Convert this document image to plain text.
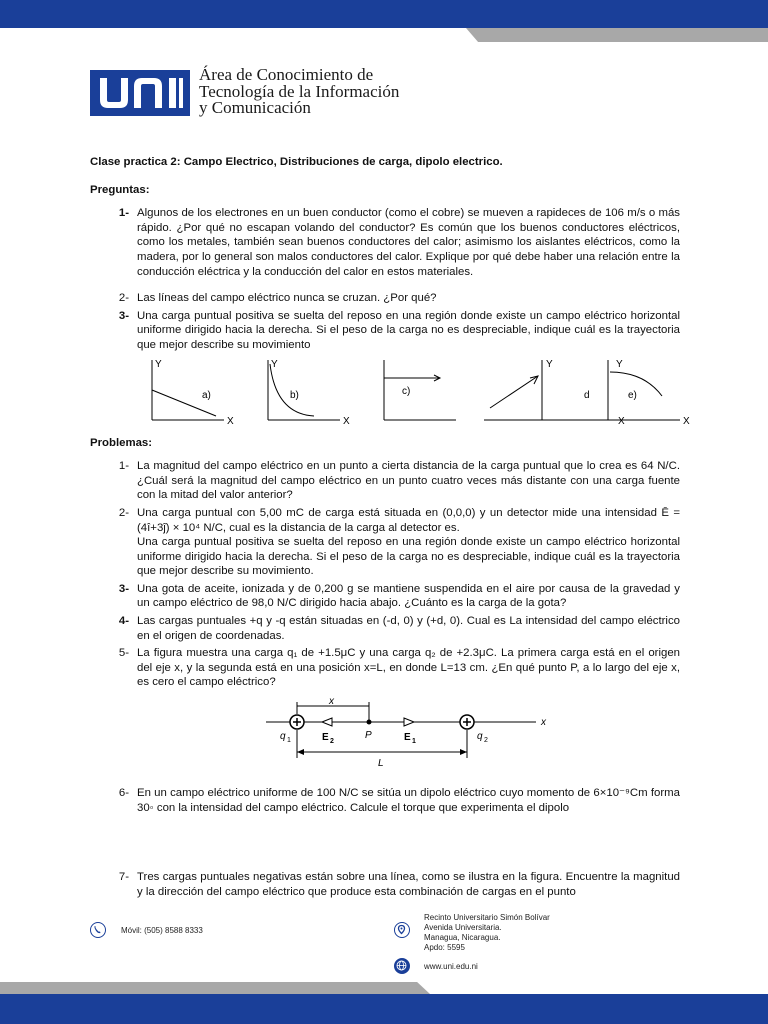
Área de Conocimiento de
Tecnología de la Información
y Comunicación
Clase practica 2: Campo Electrico, Distribuciones de carga, dipolo electrico.
Preguntas:
1- Algunos de los electrones en un buen conductor (como el cobre) se mueven a rapideces de 106 m/s o más rápido. ¿Por qué no escapan volando del conductor? Es común que los buenos conductores eléctricos, como los metales, también sean buenos conductores del calor; asimismo los aislantes eléctricos, como la madera, por lo general son malos conductores del calor. Explique por qué debe haber una relación entre la conducción eléctrica y la conducción del calor en estos materiales.
2- Las líneas del campo eléctrico nunca se cruzan. ¿Por qué?
3- Una carga puntual positiva se suelta del reposo en una región donde existe un campo eléctrico horizontal uniforme dirigido hacia la derecha. Si el peso de la carga no es despreciable, indique cuál es la trayectoria que mejor describe su movimiento
Y
X
a)
Y
X
b)	c)
Y
X
d
Y
X
e)
Problemas:
1- La magnitud del campo eléctrico en un punto a cierta distancia de la carga puntual que lo crea es 64 N/C. ¿Cuál será la magnitud del campo eléctrico en un punto cuatro veces más distante con una carga fuente con la mitad del valor anterior?
2- Una carga puntual con 5,00 mC de carga está situada en (0,0,0) y un detector mide una intensidad Ē = (4î+3ĵ) × 10⁴ N/C, cual es la distancia de la carga al detector es.
Una carga puntual positiva se suelta del reposo en una región donde existe un campo eléctrico horizontal uniforme dirigido hacia la derecha. Si el peso de la carga no es despreciable, indique cuál es la trayectoria que mejor describe su movimiento.
3- Una gota de aceite, ionizada y de 0,200 g se mantiene suspendida en el aire por causa de la gravedad y un campo eléctrico de 98,0 N/C dirigido hacia abajo. ¿Cuánto es la carga de la gota?
4- Las cargas puntuales +q y -q están situadas en (-d, 0) y (+d, 0). Cual es La intensidad del campo eléctrico en el origen de coordenadas.
5- La figura muestra una carga q₁ de +1.5μC y una carga q₂ de +2.3μC. La primera carga está en el origen del eje x, y la segunda está en una posición x=L, en donde L=13 cm. ¿En qué punto P, a lo largo del eje x, es cero el campo eléctrico?
x
x
q 1	E 2
P	E 1	q 2
L
6- En un campo eléctrico uniforme de 100 N/C se sitúa un dipolo eléctrico cuyo momento de 6×10⁻⁹Cm forma 30◦ con la intensidad del campo eléctrico. Calcule el torque que experimenta el dipolo
7- Tres cargas puntuales negativas están sobre una línea, como se ilustra en la figura. Encuentre la magnitud y la dirección del campo eléctrico que produce esta combinación de cargas en el punto
Móvil: (505) 8588 8333
Recinto Universitario Simón Bolívar
Avenida Universitaria.
Managua, Nicaragua.
Apdo: 5595
www.uni.edu.ni
